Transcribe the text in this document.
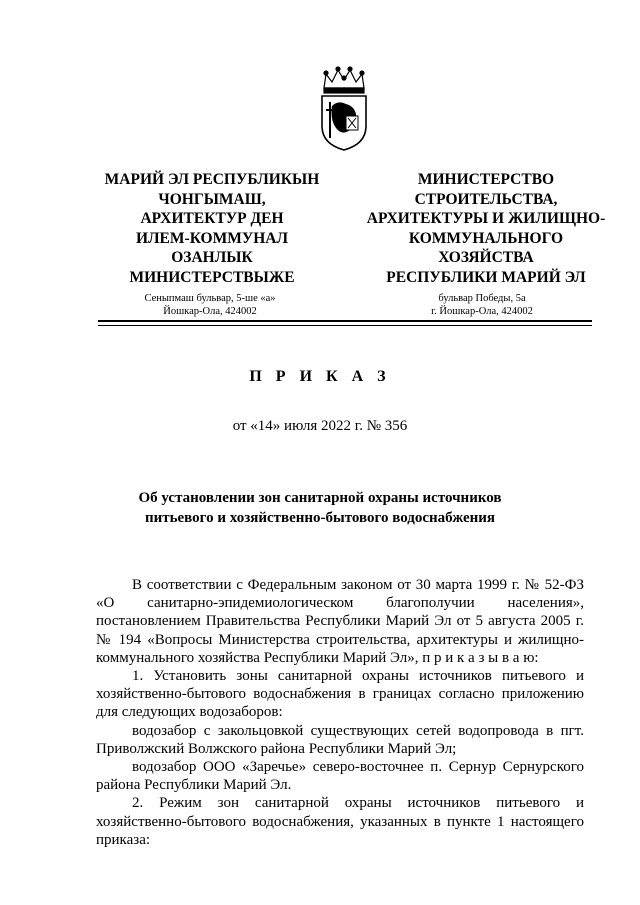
МАРИЙ ЭЛ РЕСПУБЛИКЫН
ЧОНГЫМАШ,
АРХИТЕКТУР ДЕН
ИЛЕМ-КОММУНАЛ
ОЗАНЛЫК
МИНИСТЕРСТВЫЖЕ
МИНИСТЕРСТВО
СТРОИТЕЛЬСТВА,
АРХИТЕКТУРЫ И ЖИЛИЩНО-
КОММУНАЛЬНОГО
ХОЗЯЙСТВА
РЕСПУБЛИКИ МАРИЙ ЭЛ
Сеныпмаш бульвар, 5-ше «а»
Йошкар-Ола, 424002
бульвар Победы, 5а
г. Йошкар-Ола, 424002
П Р И К А З
от «14» июля 2022 г. № 356
Об установлении зон санитарной охраны источников
питьевого и хозяйственно-бытового водоснабжения

В соответствии с Федеральным законом от 30 марта 1999 г. № 52-ФЗ «О санитарно-эпидемиологическом благополучии населения», постановлением Правительства Республики Марий Эл от 5 августа 2005 г. № 194 «Вопросы Министерства строительства, архитектуры и жилищно-коммунального хозяйства Республики Марий Эл», п р и к а з ы в а ю:

1. Установить зоны санитарной охраны источников питьевого и хозяйственно-бытового водоснабжения в границах согласно приложению для следующих водозаборов:

водозабор с закольцовкой существующих сетей водопровода в пгт. Приволжский Волжского района Республики Марий Эл;

водозабор ООО «Заречье» северо-восточнее п. Сернур Сернурского района Республики Марий Эл.

2. Режим зон санитарной охраны источников питьевого и хозяйственно-бытового водоснабжения, указанных в пункте 1 настоящего приказа:
